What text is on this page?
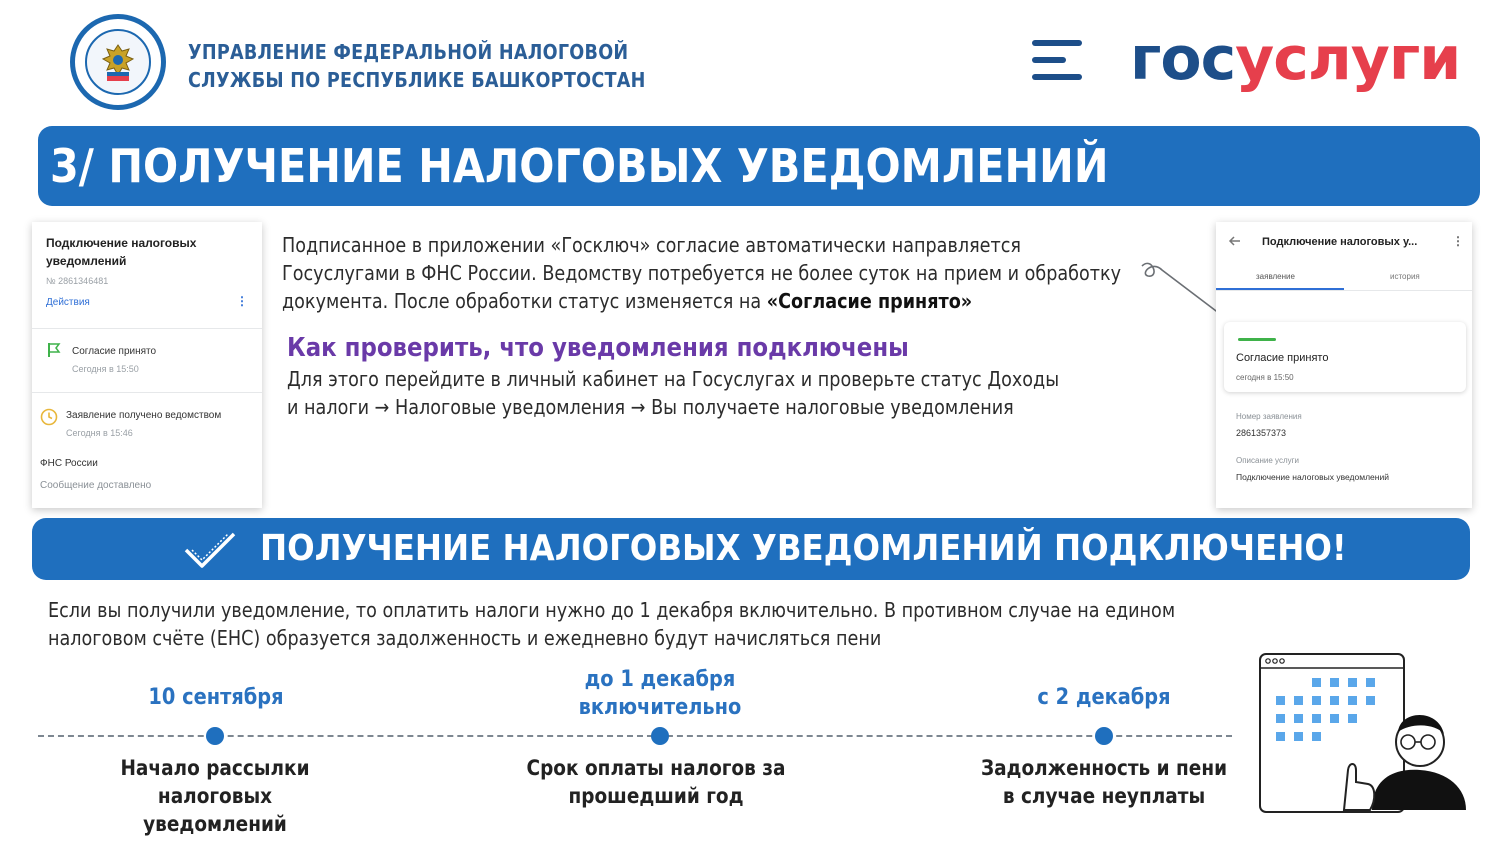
УПРАВЛЕНИЕ ФЕДЕРАЛЬНОЙ НАЛОГОВОЙ
СЛУЖБЫ ПО РЕСПУБЛИКЕ БАШКОРТОСТАН	госуслуги
3/ ПОЛУЧЕНИЕ НАЛОГОВЫХ УВЕДОМЛЕНИЙ
Подключение налоговых уведомлений
№ 2861346481
Действия	⋮
Согласие принято
Сегодня в 15:50
Заявление получено ведомством
Сегодня в 15:46
ФНС России
Сообщение доставлено
Подписанное в приложении «Госключ» согласие автоматически направляется Госуслугами в ФНС России. Ведомству потребуется не более суток на прием и обработку документа. После обработки статус изменяется на «Согласие принято»
Как проверить, что уведомления подключены
Для этого перейдите в личный кабинет на Госуслугах и проверьте статус Доходы и налоги → Налоговые уведомления → Вы получаете налоговые уведомления
Подключение налоговых у...	⋮
заявление	история
Согласие принято
сегодня в 15:50
Номер заявления
2861357373
Описание услуги
Подключение налоговых уведомлений
ПОЛУЧЕНИЕ НАЛОГОВЫХ УВЕДОМЛЕНИЙ ПОДКЛЮЧЕНО!
Если вы получили уведомление, то оплатить налоги нужно до 1 декабря включительно. В противном случае на едином налоговом счёте (ЕНС) образуется задолженность и ежедневно будут начисляться пени
10 сентября
Начало рассылки налоговых
уведомлений
до 1 декабря
включительно
Срок оплаты налогов за
прошедший год
с 2 декабря
Задолженность и пени
в случае неуплаты
